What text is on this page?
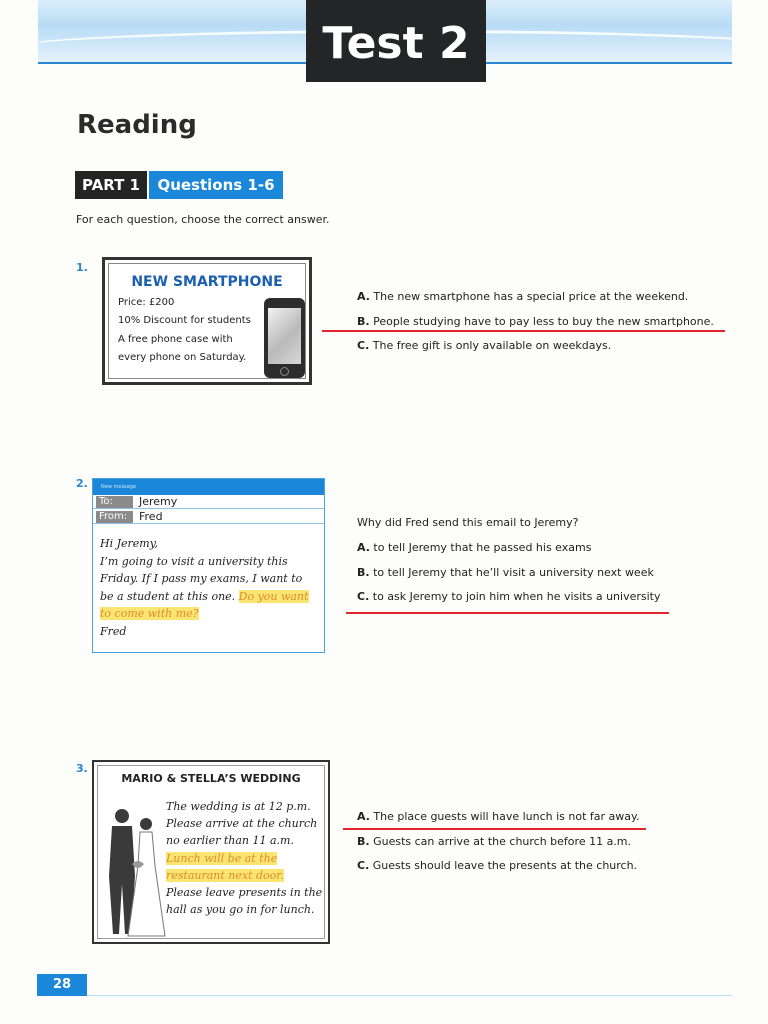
Test 2
Reading
PART 1	Questions 1-6
For each question, choose the correct answer.
1.
NEW SMARTPHONE
Price: £200
10% Discount for students
A free phone case with
every phone on Saturday.
A. The new smartphone has a special price at the weekend.
B. People studying have to pay less to buy the new smartphone.
C. The free gift is only available on weekdays.
2.	New message
To:	Jeremy
From:	Fred
Hi Jeremy,
I’m going to visit a university this
Friday. If I pass my exams, I want to
be a student at this one. Do you want
to come with me?
Fred
Why did Fred send this email to Jeremy?
A. to tell Jeremy that he passed his exams
B. to tell Jeremy that he’ll visit a university next week
C. to ask Jeremy to join him when he visits a university
3.
MARIO & STELLA’S WEDDING
The wedding is at 12 p.m.
Please arrive at the church
no earlier than 11 a.m.
Lunch will be at the
restaurant next door.
Please leave presents in the
hall as you go in for lunch.
A. The place guests will have lunch is not far away.
B. Guests can arrive at the church before 11 a.m.
C. Guests should leave the presents at the church.
28
